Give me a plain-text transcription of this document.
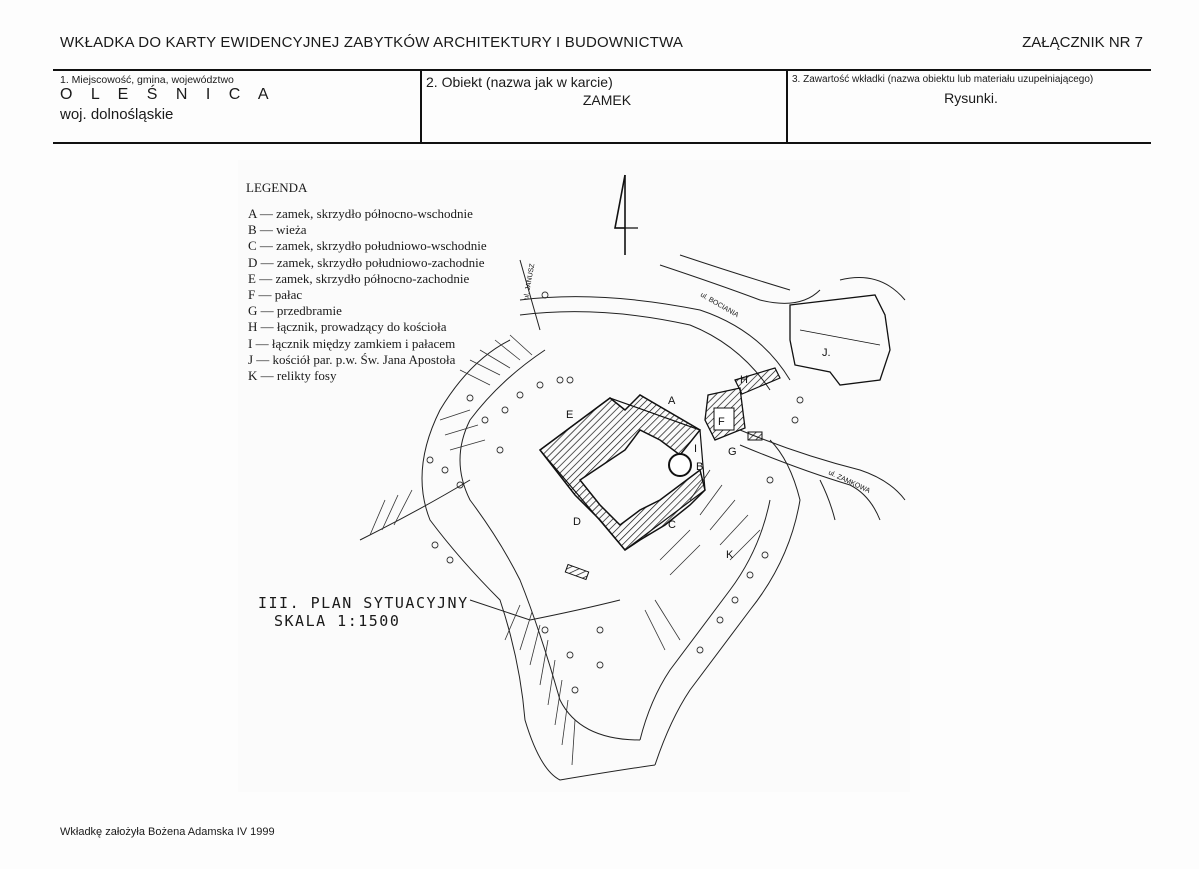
WKŁADKA DO KARTY EWIDENCYJNEJ ZABYTKÓW ARCHITEKTURY I BUDOWNICTWA	ZAŁĄCZNIK NR 7
1. Miejscowość, gmina, województwo
O L E Ś N I C A
woj. dolnośląskie
2. Obiekt (nazwa jak w karcie)
ZAMEK
3. Zawartość wkładki (nazwa obiektu lub materiału uzupełniającego)
Rysunki.
A
B
C
D
E
F
G
H
I
J.
K
ul. BOCIANIA
ul. ZAMKOWA
ul. JANUSZ
LEGENDA
A — zamek, skrzydło północno-wschodnie
B — wieża
C — zamek, skrzydło południowo-wschodnie
D — zamek, skrzydło południowo-zachodnie
E — zamek, skrzydło północno-zachodnie
F — pałac
G — przedbramie
H — łącznik, prowadzący do kościoła
I — łącznik między zamkiem i pałacem
J — kościół par. p.w. Św. Jana Apostoła
K — relikty fosy
III. PLAN SYTUACYJNY
SKALA 1:1500
Wkładkę założyła Bożena Adamska IV 1999
